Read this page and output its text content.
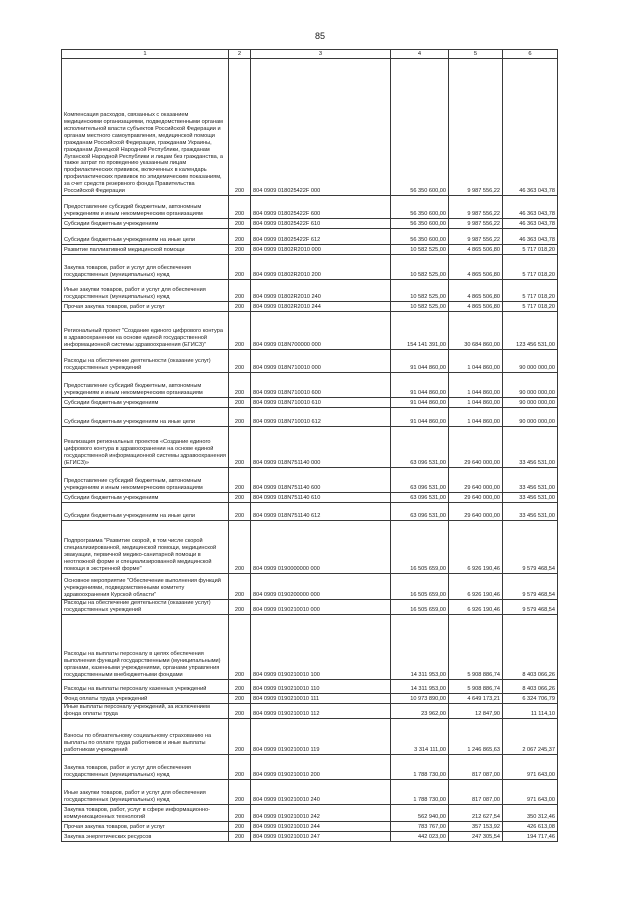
85
1	2	3	4	5	6
Компенсация расходов, связанных с оказанием медицинскими организациями, подведомственными органам исполнительной власти субъектов Российской Федерации и органам местного самоуправления, медицинской помощи гражданам Российской Федерации, гражданам Украины, гражданам Донецкой Народной Республики, гражданам Луганской Народной Республики и лицам без гражданства, а также затрат по проведению указанным лицам профилактических прививок, включенных в календарь профилактических прививок по эпидемическим показаниям, за счет средств резервного фонда Правительства Российской Федерации	200	804 0909 018025422F 000	56 350 600,00	9 987 556,22	46 363 043,78
Предоставление субсидий бюджетным, автономным учреждениям и иным некоммерческим организациям	200	804 0909 018025422F 600	56 350 600,00	9 987 556,22	46 363 043,78
Субсидии бюджетным учреждениям	200	804 0909 018025422F 610	56 350 600,00	9 987 556,22	46 363 043,78
Субсидии бюджетным учреждениям на иные цели	200	804 0909 018025422F 612	56 350 600,00	9 987 556,22	46 363 043,78
Развитие паллиативной медицинской помощи	200	804 0909 01802R2010 000	10 582 525,00	4 865 506,80	5 717 018,20
Закупка товаров, работ и услуг для обеспечения государственных (муниципальных) нужд	200	804 0909 01802R2010 200	10 582 525,00	4 865 506,80	5 717 018,20
Иные закупки товаров, работ и услуг для обеспечения государственных (муниципальных) нужд	200	804 0909 01802R2010 240	10 582 525,00	4 865 506,80	5 717 018,20
Прочая закупка товаров, работ и услуг	200	804 0909 01802R2010 244	10 582 525,00	4 865 506,80	5 717 018,20
Региональный проект "Создание единого цифрового контура в здравоохранении на основе единой государственной информационной системы здравоохранения (ЕГИСЗ)"	200	804 0909 018N700000 000	154 141 391,00	30 684 860,00	123 456 531,00
Расходы на обеспечение деятельности (оказание услуг) государственных учреждений	200	804 0909 018N710010 000	91 044 860,00	1 044 860,00	90 000 000,00
Предоставление субсидий бюджетным, автономным учреждениям и иным некоммерческим организациям	200	804 0909 018N710010 600	91 044 860,00	1 044 860,00	90 000 000,00
Субсидии бюджетным учреждениям	200	804 0909 018N710010 610	91 044 860,00	1 044 860,00	90 000 000,00
Субсидии бюджетным учреждениям на иные цели	200	804 0909 018N710010 612	91 044 860,00	1 044 860,00	90 000 000,00
Реализация региональных проектов «Создание единого цифрового контура в здравоохранении на основе единой государственной информационной системы здравоохранения (ЕГИСЗ)»	200	804 0909 018N751140 000	63 096 531,00	29 640 000,00	33 456 531,00
Предоставление субсидий бюджетным, автономным учреждениям и иным некоммерческим организациям	200	804 0909 018N751140 600	63 096 531,00	29 640 000,00	33 456 531,00
Субсидии бюджетным учреждениям	200	804 0909 018N751140 610	63 096 531,00	29 640 000,00	33 456 531,00
Субсидии бюджетным учреждениям на иные цели	200	804 0909 018N751140 612	63 096 531,00	29 640 000,00	33 456 531,00
Подпрограмма "Развитие скорой, в том числе скорой специализированной, медицинской помощи, медицинской эвакуации, первичной медико-санитарной помощи в неотложной форме и специализированной медицинской помощи в экстренной форме"	200	804 0909 0190000000 000	16 505 659,00	6 926 190,46	9 579 468,54
Основное мероприятие "Обеспечение выполнения функций учреждениями, подведомственными комитету здравоохранения Курской области"	200	804 0909 0190200000 000	16 505 659,00	6 926 190,46	9 579 468,54
Расходы на обеспечение деятельности (оказание услуг) государственных учреждений	200	804 0909 0190210010 000	16 505 659,00	6 926 190,46	9 579 468,54
Расходы на выплаты персоналу в целях обеспечения выполнения функций государственными (муниципальными) органами, казенными учреждениями, органами управления государственными внебюджетными фондами	200	804 0909 0190210010 100	14 311 953,00	5 908 886,74	8 403 066,26
Расходы на выплаты персоналу казенных учреждений	200	804 0909 0190210010 110	14 311 953,00	5 908 886,74	8 403 066,26
Фонд оплаты труда учреждений	200	804 0909 0190210010 111	10 973 890,00	4 649 173,21	6 324 706,79
Иные выплаты персоналу учреждений, за исключением фонда оплаты труда	200	804 0909 0190210010 112	23 962,00	12 847,90	11 114,10
Взносы по обязательному социальному страхованию на выплаты по оплате труда работников и иные выплаты работникам учреждений	200	804 0909 0190210010 119	3 314 111,00	1 246 865,63	2 067 245,37
Закупка товаров, работ и услуг для обеспечения государственных (муниципальных) нужд	200	804 0909 0190210010 200	1 788 730,00	817 087,00	971 643,00
Иные закупки товаров, работ и услуг для обеспечения государственных (муниципальных) нужд	200	804 0909 0190210010 240	1 788 730,00	817 087,00	971 643,00
Закупка товаров, работ, услуг в сфере информационно-коммуникационных технологий	200	804 0909 0190210010 242	562 940,00	212 627,54	350 312,46
Прочая закупка товаров, работ и услуг	200	804 0909 0190210010 244	783 767,00	357 153,92	426 613,08
Закупка энергетических ресурсов	200	804 0909 0190210010 247	442 023,00	247 305,54	194 717,46
